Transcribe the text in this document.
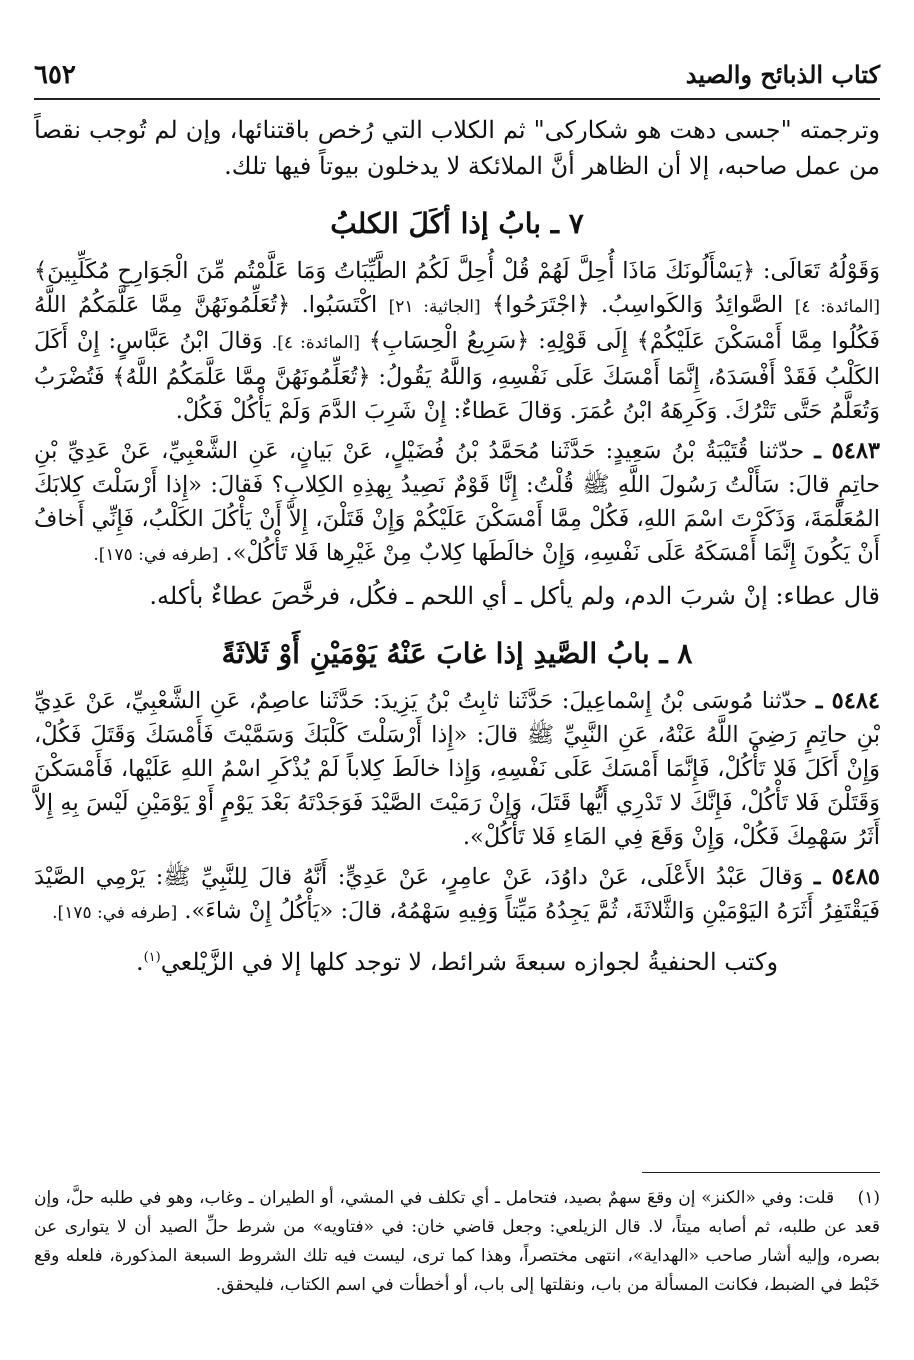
كتاب الذبائح والصيد
٦٥٢

وترجمته "جسى دهت هو شكاركى" ثم الكلاب التي رُخص باقتنائها، وإن لم تُوجب نقصاً من عمل صاحبه، إلا أن الظاهر أنَّ الملائكة لا يدخلون بيوتاً فيها تلك.

٧ ـ بابُ إذا أكَلَ الكلبُ

وَقَوْلُهُ تَعَالَى: ﴿يَسْأَلُونَكَ مَاذَا أُحِلَّ لَهُمْ قُلْ أُحِلَّ لَكُمُ الطَّيِّبَاتُ وَمَا عَلَّمْتُم مِّنَ الْجَوَارِحِ مُكَلِّبِينَ﴾ [المائدة: ٤] الصَّوائِدُ وَالكَواسِبُ. ﴿اجْتَرَحُوا﴾ [الجاثية: ٢١] اكْتَسَبُوا. ﴿تُعَلِّمُونَهُنَّ مِمَّا عَلَّمَكُمُ اللَّهُ فَكُلُوا مِمَّا أَمْسَكْنَ عَلَيْكُمْ﴾ إِلَى قَوْلِهِ: ﴿سَرِيعُ الْحِسَابِ﴾ [المائدة: ٤]. وَقالَ ابْنُ عَبَّاسٍ: إِنْ أَكَلَ الكَلْبُ فَقَدْ أَفْسَدَهُ، إِنَّمَا أَمْسَكَ عَلَى نَفْسِهِ، وَاللَّهُ يَقُولُ: ﴿تُعَلِّمُونَهُنَّ مِمَّا عَلَّمَكُمُ اللَّهُ﴾ فَتُضْرَبُ وَتُعَلَّمُ حَتَّى تَتْرُكَ. وَكَرِهَهُ ابْنُ عُمَرَ. وَقالَ عَطاءٌ: إِنْ شَرِبَ الدَّمَ وَلَمْ يَأْكُلْ فَكُلْ.

٥٤٨٣ ـ حدّثنا قُتَيْبَةُ بْنُ سَعِيدٍ: حَدَّثَنا مُحَمَّدُ بْنُ فُضَيْلٍ، عَنْ بَيانٍ، عَنِ الشَّعْبِيِّ، عَنْ عَدِيِّ بْنِ حاتِمٍ قالَ: سَأَلْتُ رَسُولَ اللَّهِ ﷺ قُلْتُ: إِنَّا قَوْمٌ نَصِيدُ بِهذِهِ الكِلابِ؟ فَقالَ: «إِذا أَرْسَلْتَ كِلابَكَ المُعَلَّمَةَ، وَذَكَرْتَ اسْمَ اللهِ، فَكُلْ مِمَّا أَمْسَكْنَ عَلَيْكُمْ وَإِنْ قَتَلْنَ، إِلاَّ أَنْ يَأْكُلَ الكَلْبُ، فَإِنِّي أَخافُ أَنْ يَكُونَ إِنَّمَا أَمْسَكَهُ عَلَى نَفْسِهِ، وَإِنْ خالَطَها كِلابٌ مِنْ غَيْرِها فَلا تَأْكُلْ». [طرفه في: ١٧٥].

قال عطاء: إنْ شربَ الدم، ولم يأكل ـ أي اللحم ـ فكُل، فرخَّصَ عطاءٌ بأكله.

٨ ـ بابُ الصَّيدِ إذا غابَ عَنْهُ يَوْمَيْنِ أَوْ ثَلاثَةً

٥٤٨٤ ـ حدّثنا مُوسَى بْنُ إِسْماعِيلَ: حَدَّثَنا ثابِتُ بْنُ يَزِيدَ: حَدَّثَنا عاصِمٌ، عَنِ الشَّعْبِيِّ، عَنْ عَدِيِّ بْنِ حاتِمٍ رَضِيَ اللَّهُ عَنْهُ، عَنِ النَّبِيِّ ﷺ قالَ: «إِذا أَرْسَلْتَ كَلْبَكَ وَسَمَّيْتَ فَأَمْسَكَ وَقَتَلَ فَكُلْ، وَإِنْ أَكَلَ فَلا تَأْكُلْ، فَإِنَّمَا أَمْسَكَ عَلَى نَفْسِهِ، وَإِذا خالَطَ كِلاباً لَمْ يُذْكَرِ اسْمُ اللهِ عَلَيْها، فَأَمْسَكْنَ وَقَتَلْنَ فَلا تَأْكُلْ، فَإِنَّكَ لا تَدْرِي أَيُّها قَتَلَ، وَإِنْ رَمَيْتَ الصَّيْدَ فَوَجَدْتَهُ بَعْدَ يَوْمٍ أَوْ يَوْمَيْنِ لَيْسَ بِهِ إِلاَّ أَثَرُ سَهْمِكَ فَكُلْ، وَإِنْ وَقَعَ فِي المَاءِ فَلا تَأْكُلْ».

٥٤٨٥ ـ وَقالَ عَبْدُ الأَعْلَى، عَنْ داوُدَ، عَنْ عامِرٍ، عَنْ عَدِيٍّ: أَنَّهُ قالَ لِلنَّبِيِّ ﷺ: يَرْمِي الصَّيْدَ فَيَقْتَفِرُ أَثَرَهُ اليَوْمَيْنِ وَالثَّلاثَةَ، ثُمَّ يَجِدُهُ مَيِّتاً وَفِيهِ سَهْمُهُ، قالَ: «يَأْكُلُ إِنْ شاءَ». [طرفه في: ١٧٥].

وكتب الحنفيةُ لجوازه سبعةَ شرائط، لا توجد كلها إلا في الزَّيْلعي$^{(١)}$.

(١) قلت: وفي «الكنز» إن وقعَ سهمٌ بصيد، فتحامل ـ أي تكلف في المشي، أو الطيران ـ وغاب، وهو في طلبه حلَّ، وإن قعد عن طلبه، ثم أصابه ميتاً، لا. قال الزيلعي: وجعل قاضي خان: في «فتاويه» من شرط حلِّ الصيد أن لا يتوارى عن بصره، وإليه أشار صاحب «الهداية»، انتهى مختصراً، وهذا كما ترى، ليست فيه تلك الشروط السبعة المذكورة، فلعله وقع خَبْط في الضبط، فكانت المسألة من باب، ونقلتها إلى باب، أو أخطأت في اسم الكتاب، فليحقق.
